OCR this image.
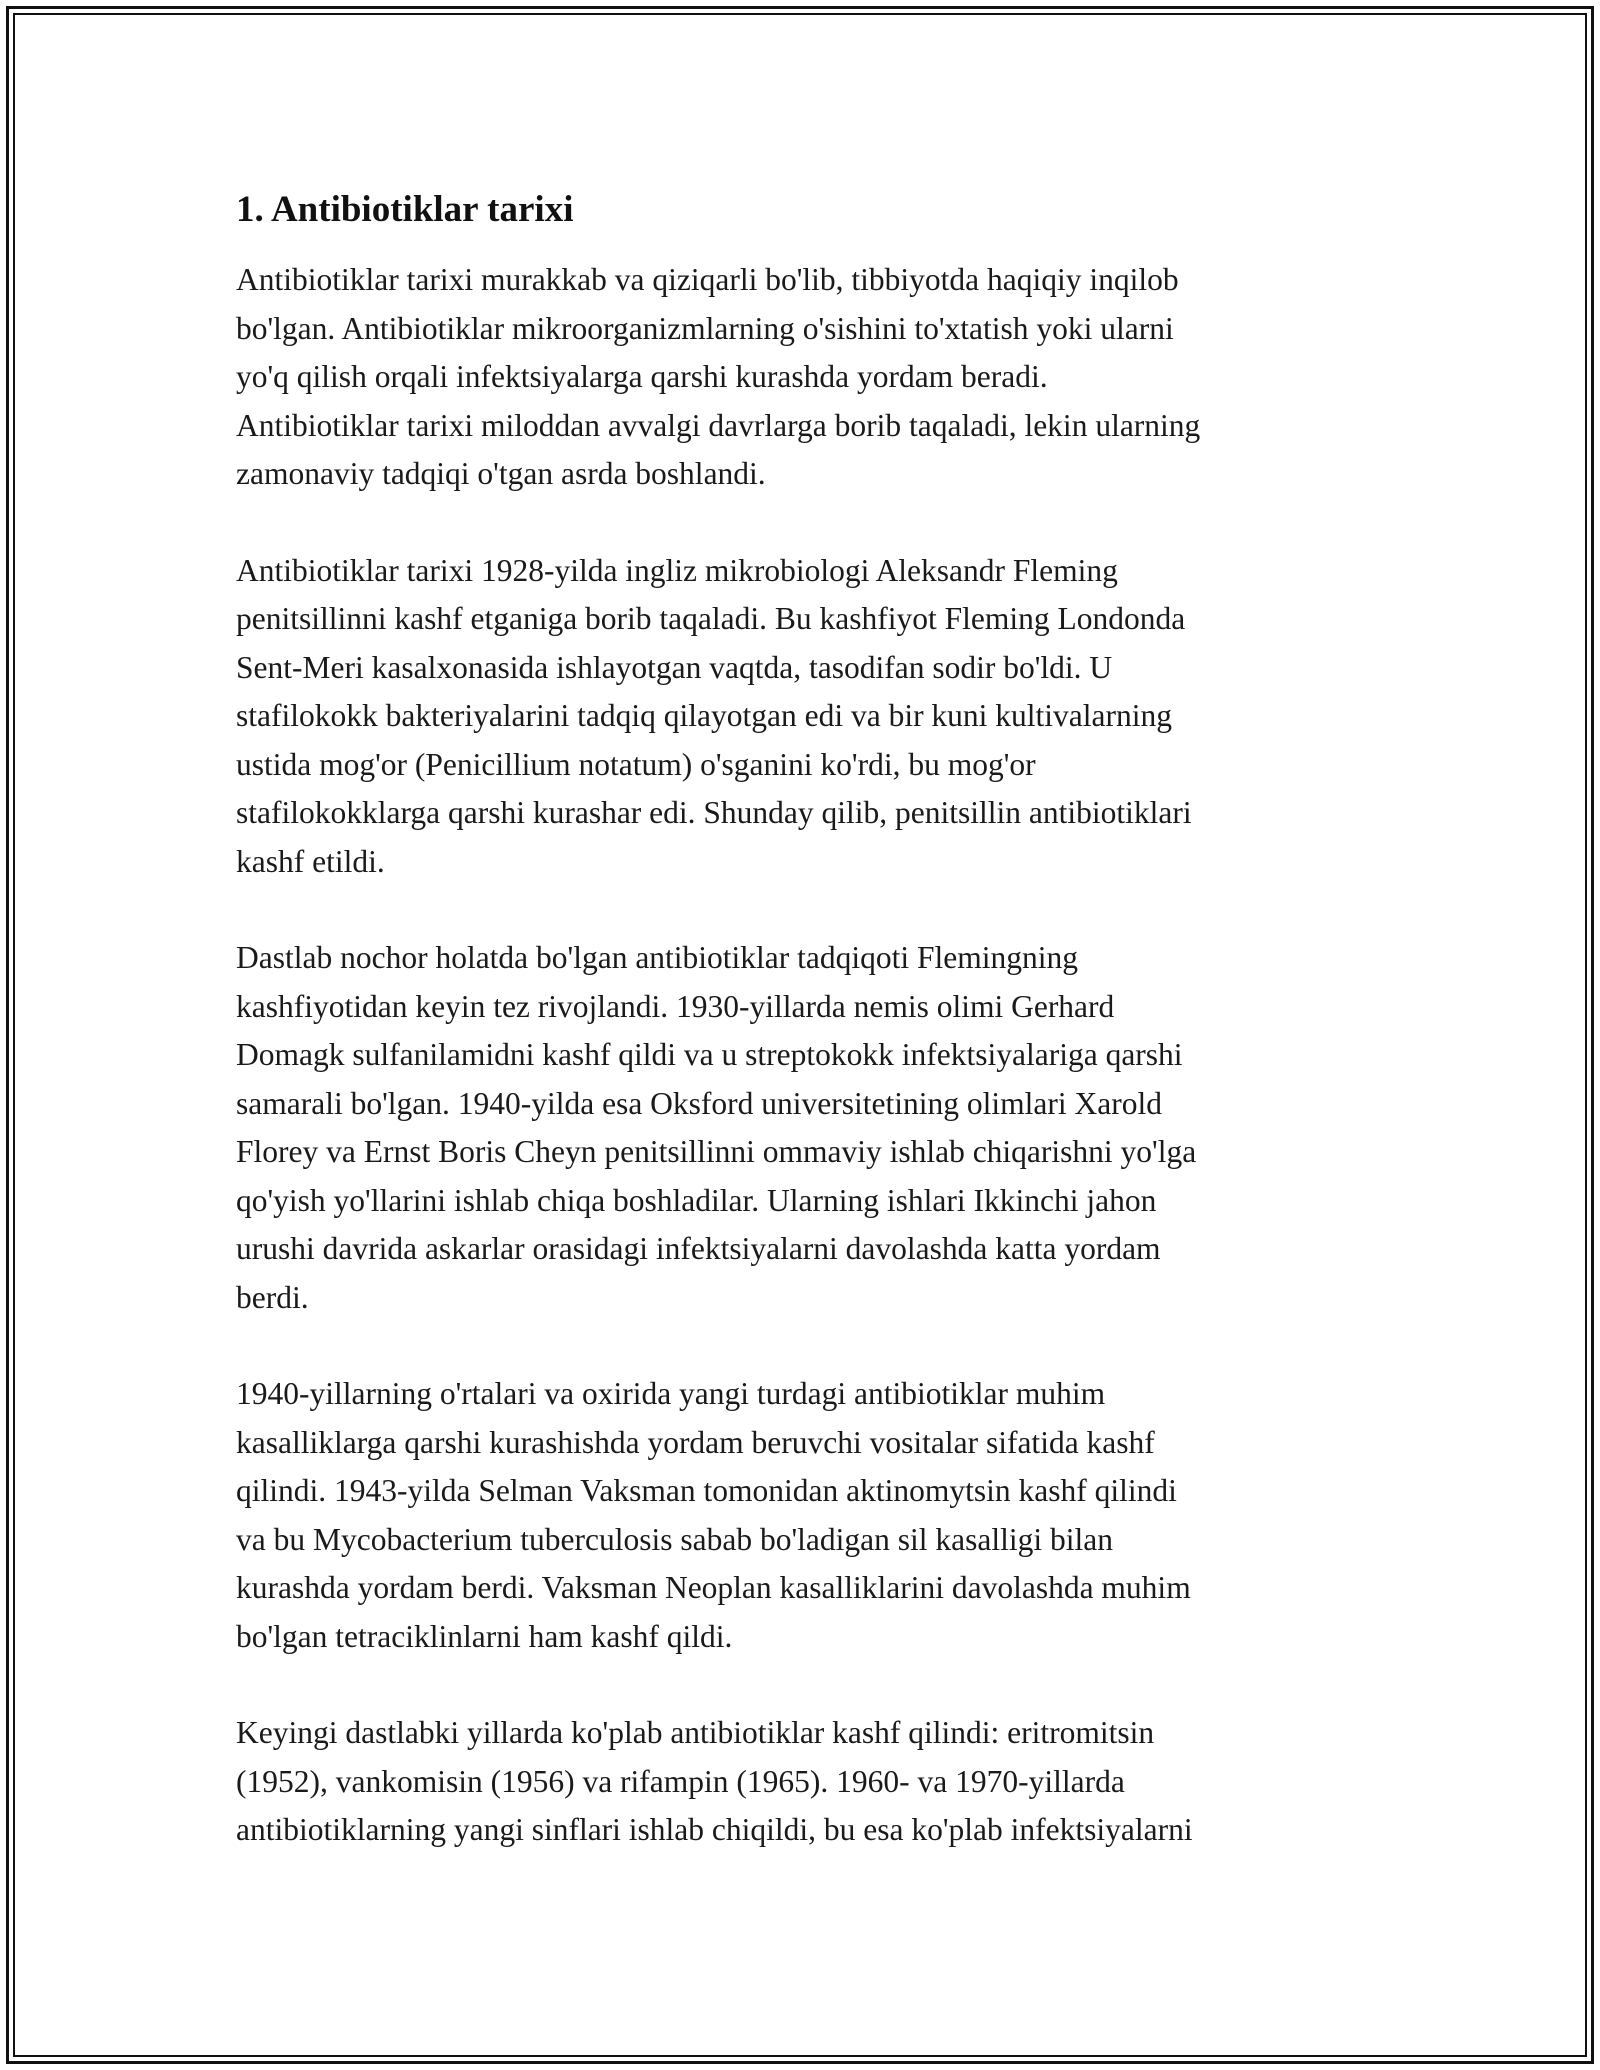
1. Antibiotiklar tarixi

Antibiotiklar tarixi murakkab va qiziqarli bo'lib, tibbiyotda haqiqiy inqilob
bo'lgan. Antibiotiklar mikroorganizmlarning o'sishini to'xtatish yoki ularni
yo'q qilish orqali infektsiyalarga qarshi kurashda yordam beradi.
Antibiotiklar tarixi miloddan avvalgi davrlarga borib taqaladi, lekin ularning
zamonaviy tadqiqi o'tgan asrda boshlandi.

Antibiotiklar tarixi 1928-yilda ingliz mikrobiologi Aleksandr Fleming
penitsillinni kashf etganiga borib taqaladi. Bu kashfiyot Fleming Londonda
Sent-Meri kasalxonasida ishlayotgan vaqtda, tasodifan sodir bo'ldi. U
stafilokokk bakteriyalarini tadqiq qilayotgan edi va bir kuni kultivalarning
ustida mog'or (Penicillium notatum) o'sganini ko'rdi, bu mog'or
stafilokokklarga qarshi kurashar edi. Shunday qilib, penitsillin antibiotiklari
kashf etildi.

Dastlab nochor holatda bo'lgan antibiotiklar tadqiqoti Flemingning
kashfiyotidan keyin tez rivojlandi. 1930-yillarda nemis olimi Gerhard
Domagk sulfanilamidni kashf qildi va u streptokokk infektsiyalariga qarshi
samarali bo'lgan. 1940-yilda esa Oksford universitetining olimlari Xarold
Florey va Ernst Boris Cheyn penitsillinni ommaviy ishlab chiqarishni yo'lga
qo'yish yo'llarini ishlab chiqa boshladilar. Ularning ishlari Ikkinchi jahon
urushi davrida askarlar orasidagi infektsiyalarni davolashda katta yordam
berdi.

1940-yillarning o'rtalari va oxirida yangi turdagi antibiotiklar muhim
kasalliklarga qarshi kurashishda yordam beruvchi vositalar sifatida kashf
qilindi. 1943-yilda Selman Vaksman tomonidan aktinomytsin kashf qilindi
va bu Mycobacterium tuberculosis sabab bo'ladigan sil kasalligi bilan
kurashda yordam berdi. Vaksman Neoplan kasalliklarini davolashda muhim
bo'lgan tetraciklinlarni ham kashf qildi.

Keyingi dastlabki yillarda ko'plab antibiotiklar kashf qilindi: eritromitsin
(1952), vankomisin (1956) va rifampin (1965). 1960- va 1970-yillarda
antibiotiklarning yangi sinflari ishlab chiqildi, bu esa ko'plab infektsiyalarni
